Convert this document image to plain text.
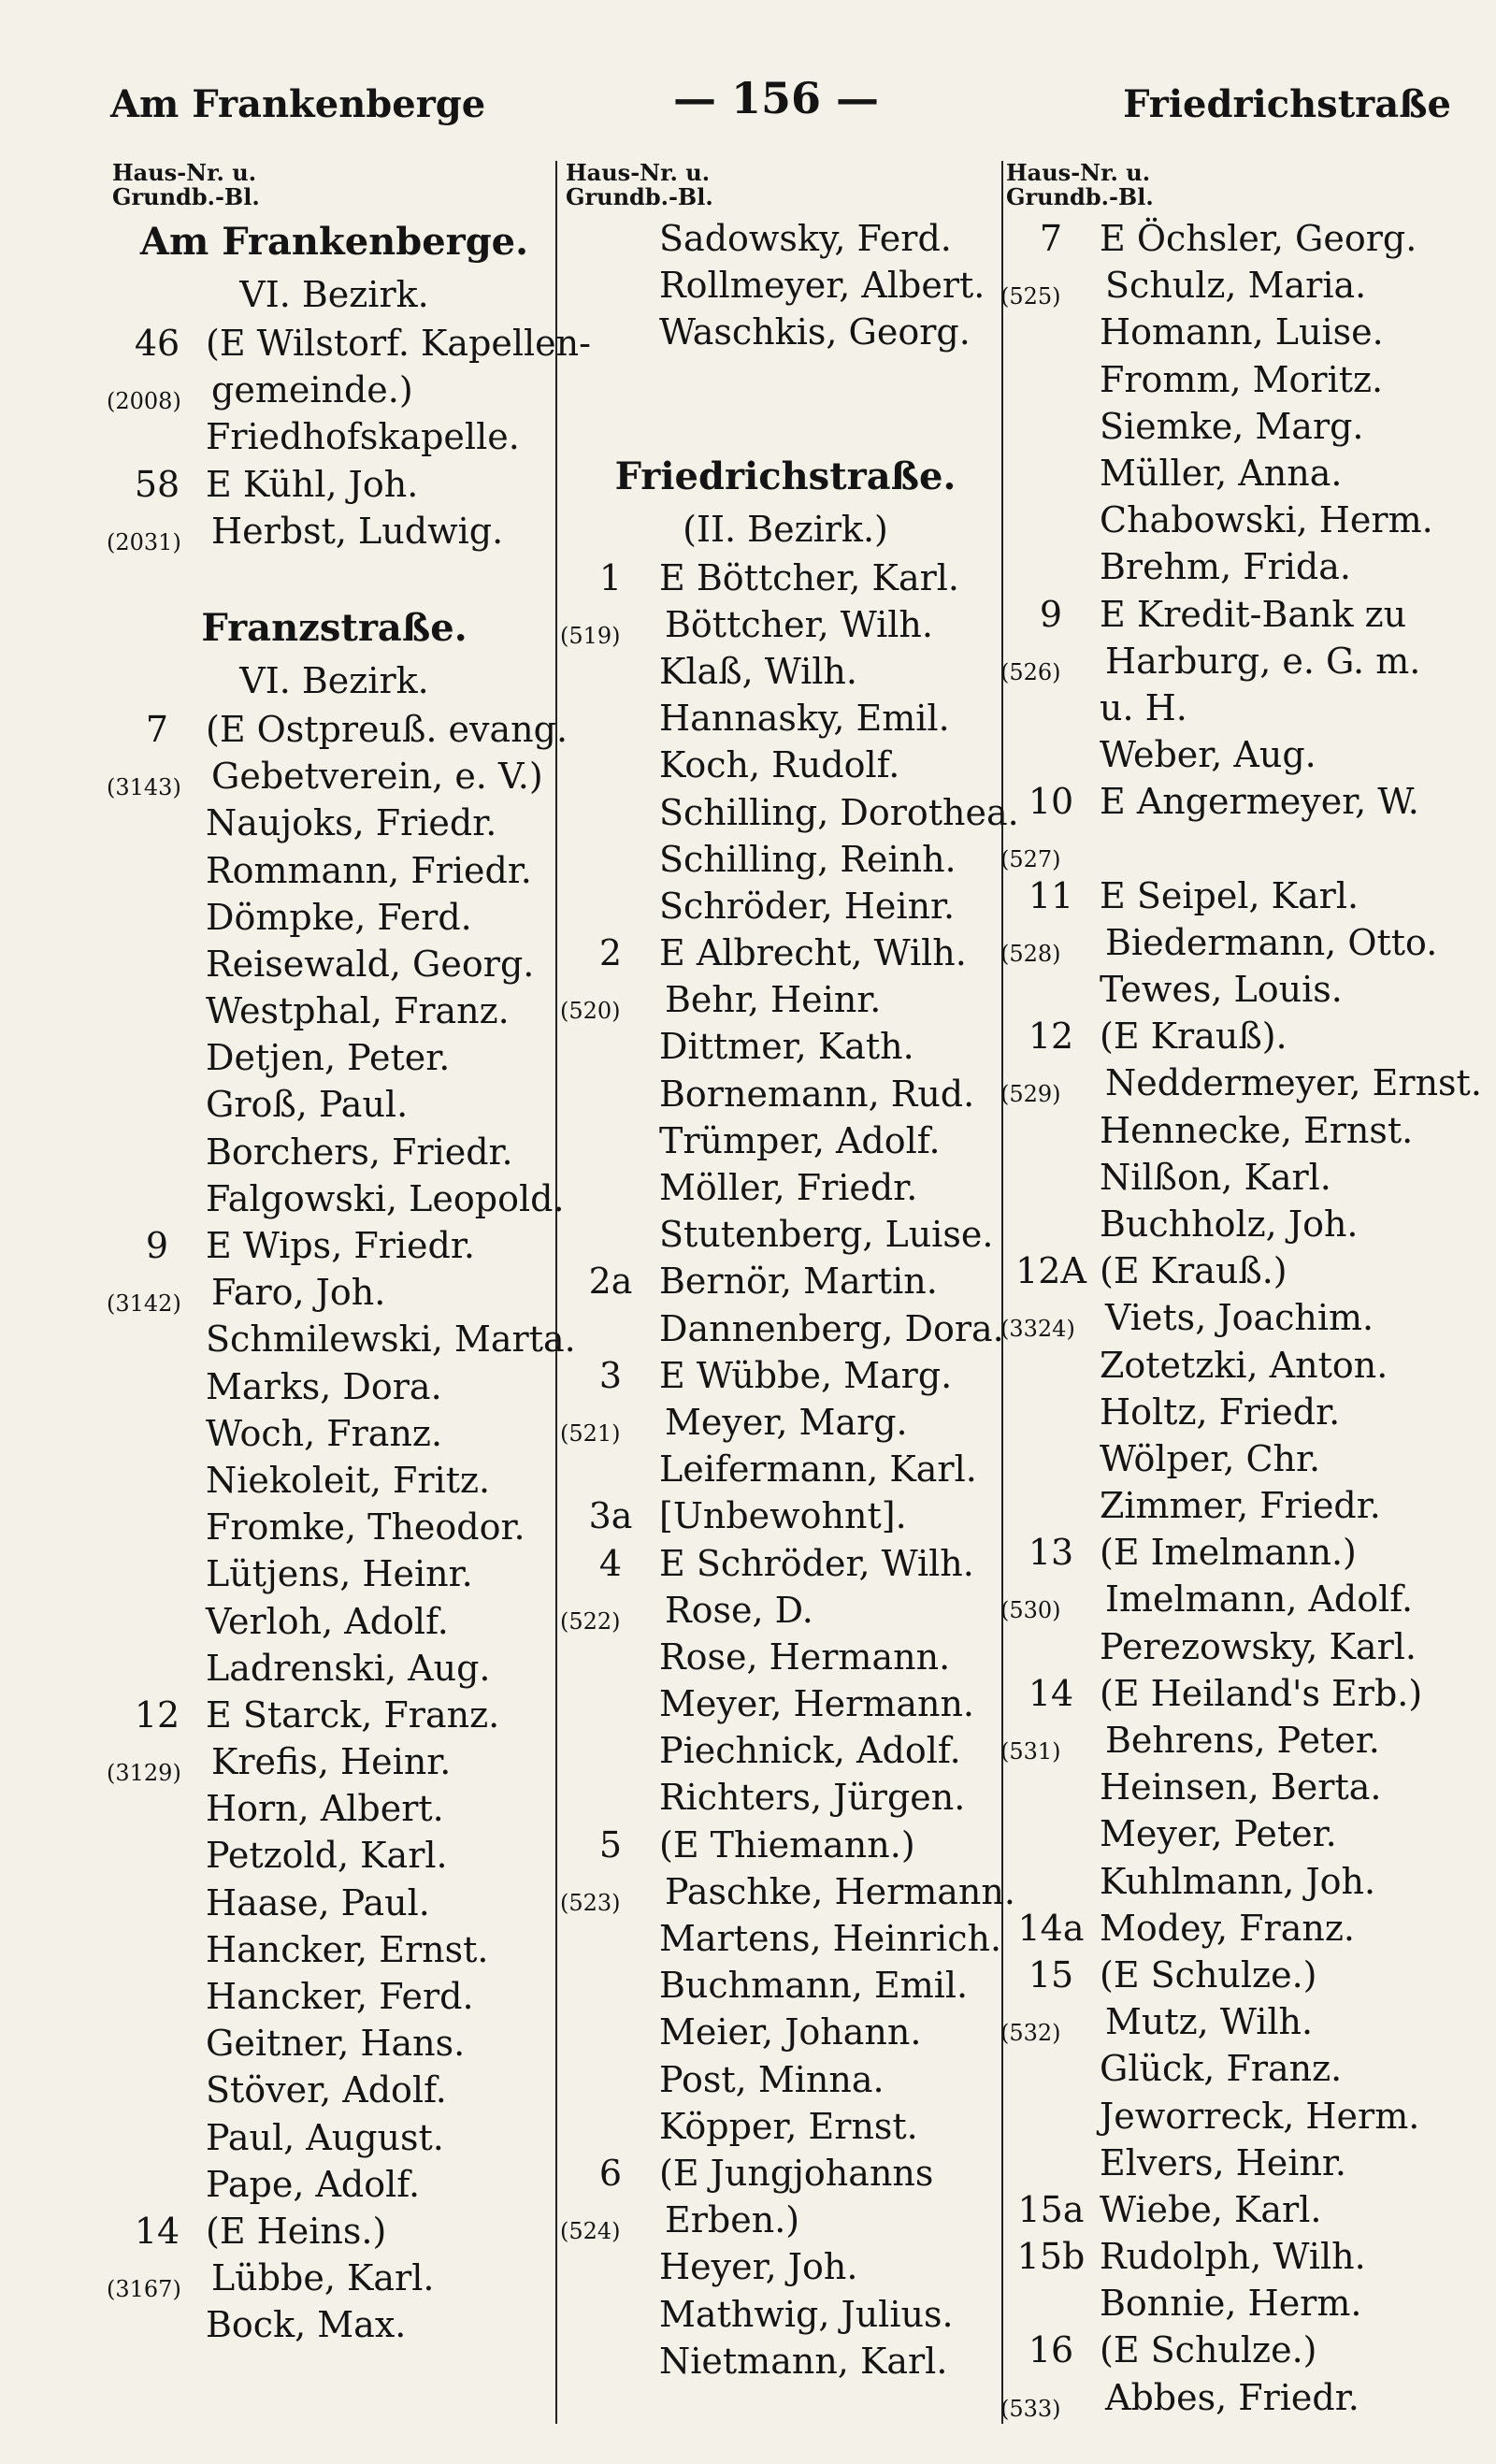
Am Frankenberge	— 156 —	Friedrichstraße
Haus-Nr. u.
Grundb.-Bl.
Am Frankenberge.
VI. Bezirk.
46 (E Wilstorf. Kapellen-
(2008) gemeinde.)
Friedhofskapelle.
58 E Kühl, Joh.
(2031) Herbst, Ludwig.
Franzstraße.
VI. Bezirk.
7	(E Ostpreuß. evang.
(3143) Gebetverein, e. V.)
Naujoks, Friedr.
Rommann, Friedr.
Dömpke, Ferd.
Reisewald, Georg.
Westphal, Franz.
Detjen, Peter.
Groß, Paul.
Borchers, Friedr.
Falgowski, Leopold.
9	E Wips, Friedr.
(3142) Faro, Joh.
Schmilewski, Marta.
Marks, Dora.
Woch, Franz.
Niekoleit, Fritz.
Fromke, Theodor.
Lütjens, Heinr.
Verloh, Adolf.
Ladrenski, Aug.
12 E Starck, Franz.
(3129) Krefis, Heinr.
Horn, Albert.
Petzold, Karl.
Haase, Paul.
Hancker, Ernst.
Hancker, Ferd.
Geitner, Hans.
Stöver, Adolf.
Paul, August.
Pape, Adolf.
14 (E Heins.)
(3167) Lübbe, Karl.
Bock, Max.
Haus-Nr. u.
Grundb.-Bl.
Sadowsky, Ferd.
Rollmeyer, Albert.
Waschkis, Georg.
Friedrichstraße.
(II. Bezirk.)
1	E Böttcher, Karl.
(519) Böttcher, Wilh.
Klaß, Wilh.
Hannasky, Emil.
Koch, Rudolf.
Schilling, Dorothea.
Schilling, Reinh.
Schröder, Heinr.
2	E Albrecht, Wilh.
(520) Behr, Heinr.
Dittmer, Kath.
Bornemann, Rud.
Trümper, Adolf.
Möller, Friedr.
Stutenberg, Luise.
2a Bernör, Martin.
Dannenberg, Dora.
3	E Wübbe, Marg.
(521) Meyer, Marg.
Leifermann, Karl.
3a [Unbewohnt].
4	E Schröder, Wilh.
(522) Rose, D.
Rose, Hermann.
Meyer, Hermann.
Piechnick, Adolf.
Richters, Jürgen.
5	(E Thiemann.)
(523) Paschke, Hermann.
Martens, Heinrich.
Buchmann, Emil.
Meier, Johann.
Post, Minna.
Köpper, Ernst.
6	(E Jungjohanns
(524) Erben.)
Heyer, Joh.
Mathwig, Julius.
Nietmann, Karl.
Haus-Nr. u.
Grundb.-Bl.
7	E Öchsler, Georg.
(525) Schulz, Maria.
Homann, Luise.
Fromm, Moritz.
Siemke, Marg.
Müller, Anna.
Chabowski, Herm.
Brehm, Frida.
9	E Kredit-Bank zu
(526) Harburg, e. G. m.
u. H.
Weber, Aug.
10 E Angermeyer, W.
(527)
11 E Seipel, Karl.
(528) Biedermann, Otto.
Tewes, Louis.
12 (E Krauß).
(529) Neddermeyer, Ernst.
Hennecke, Ernst.
Nilßon, Karl.
Buchholz, Joh.
12A (E Krauß.)
(3324) Viets, Joachim.
Zotetzki, Anton.
Holtz, Friedr.
Wölper, Chr.
Zimmer, Friedr.
13 (E Imelmann.)
(530) Imelmann, Adolf.
Perezowsky, Karl.
14 (E Heiland's Erb.)
(531) Behrens, Peter.
Heinsen, Berta.
Meyer, Peter.
Kuhlmann, Joh.
14a Modey, Franz.
15 (E Schulze.)
(532) Mutz, Wilh.
Glück, Franz.
Jeworreck, Herm.
Elvers, Heinr.
15a Wiebe, Karl.
15b Rudolph, Wilh.
Bonnie, Herm.
16 (E Schulze.)
(533) Abbes, Friedr.
